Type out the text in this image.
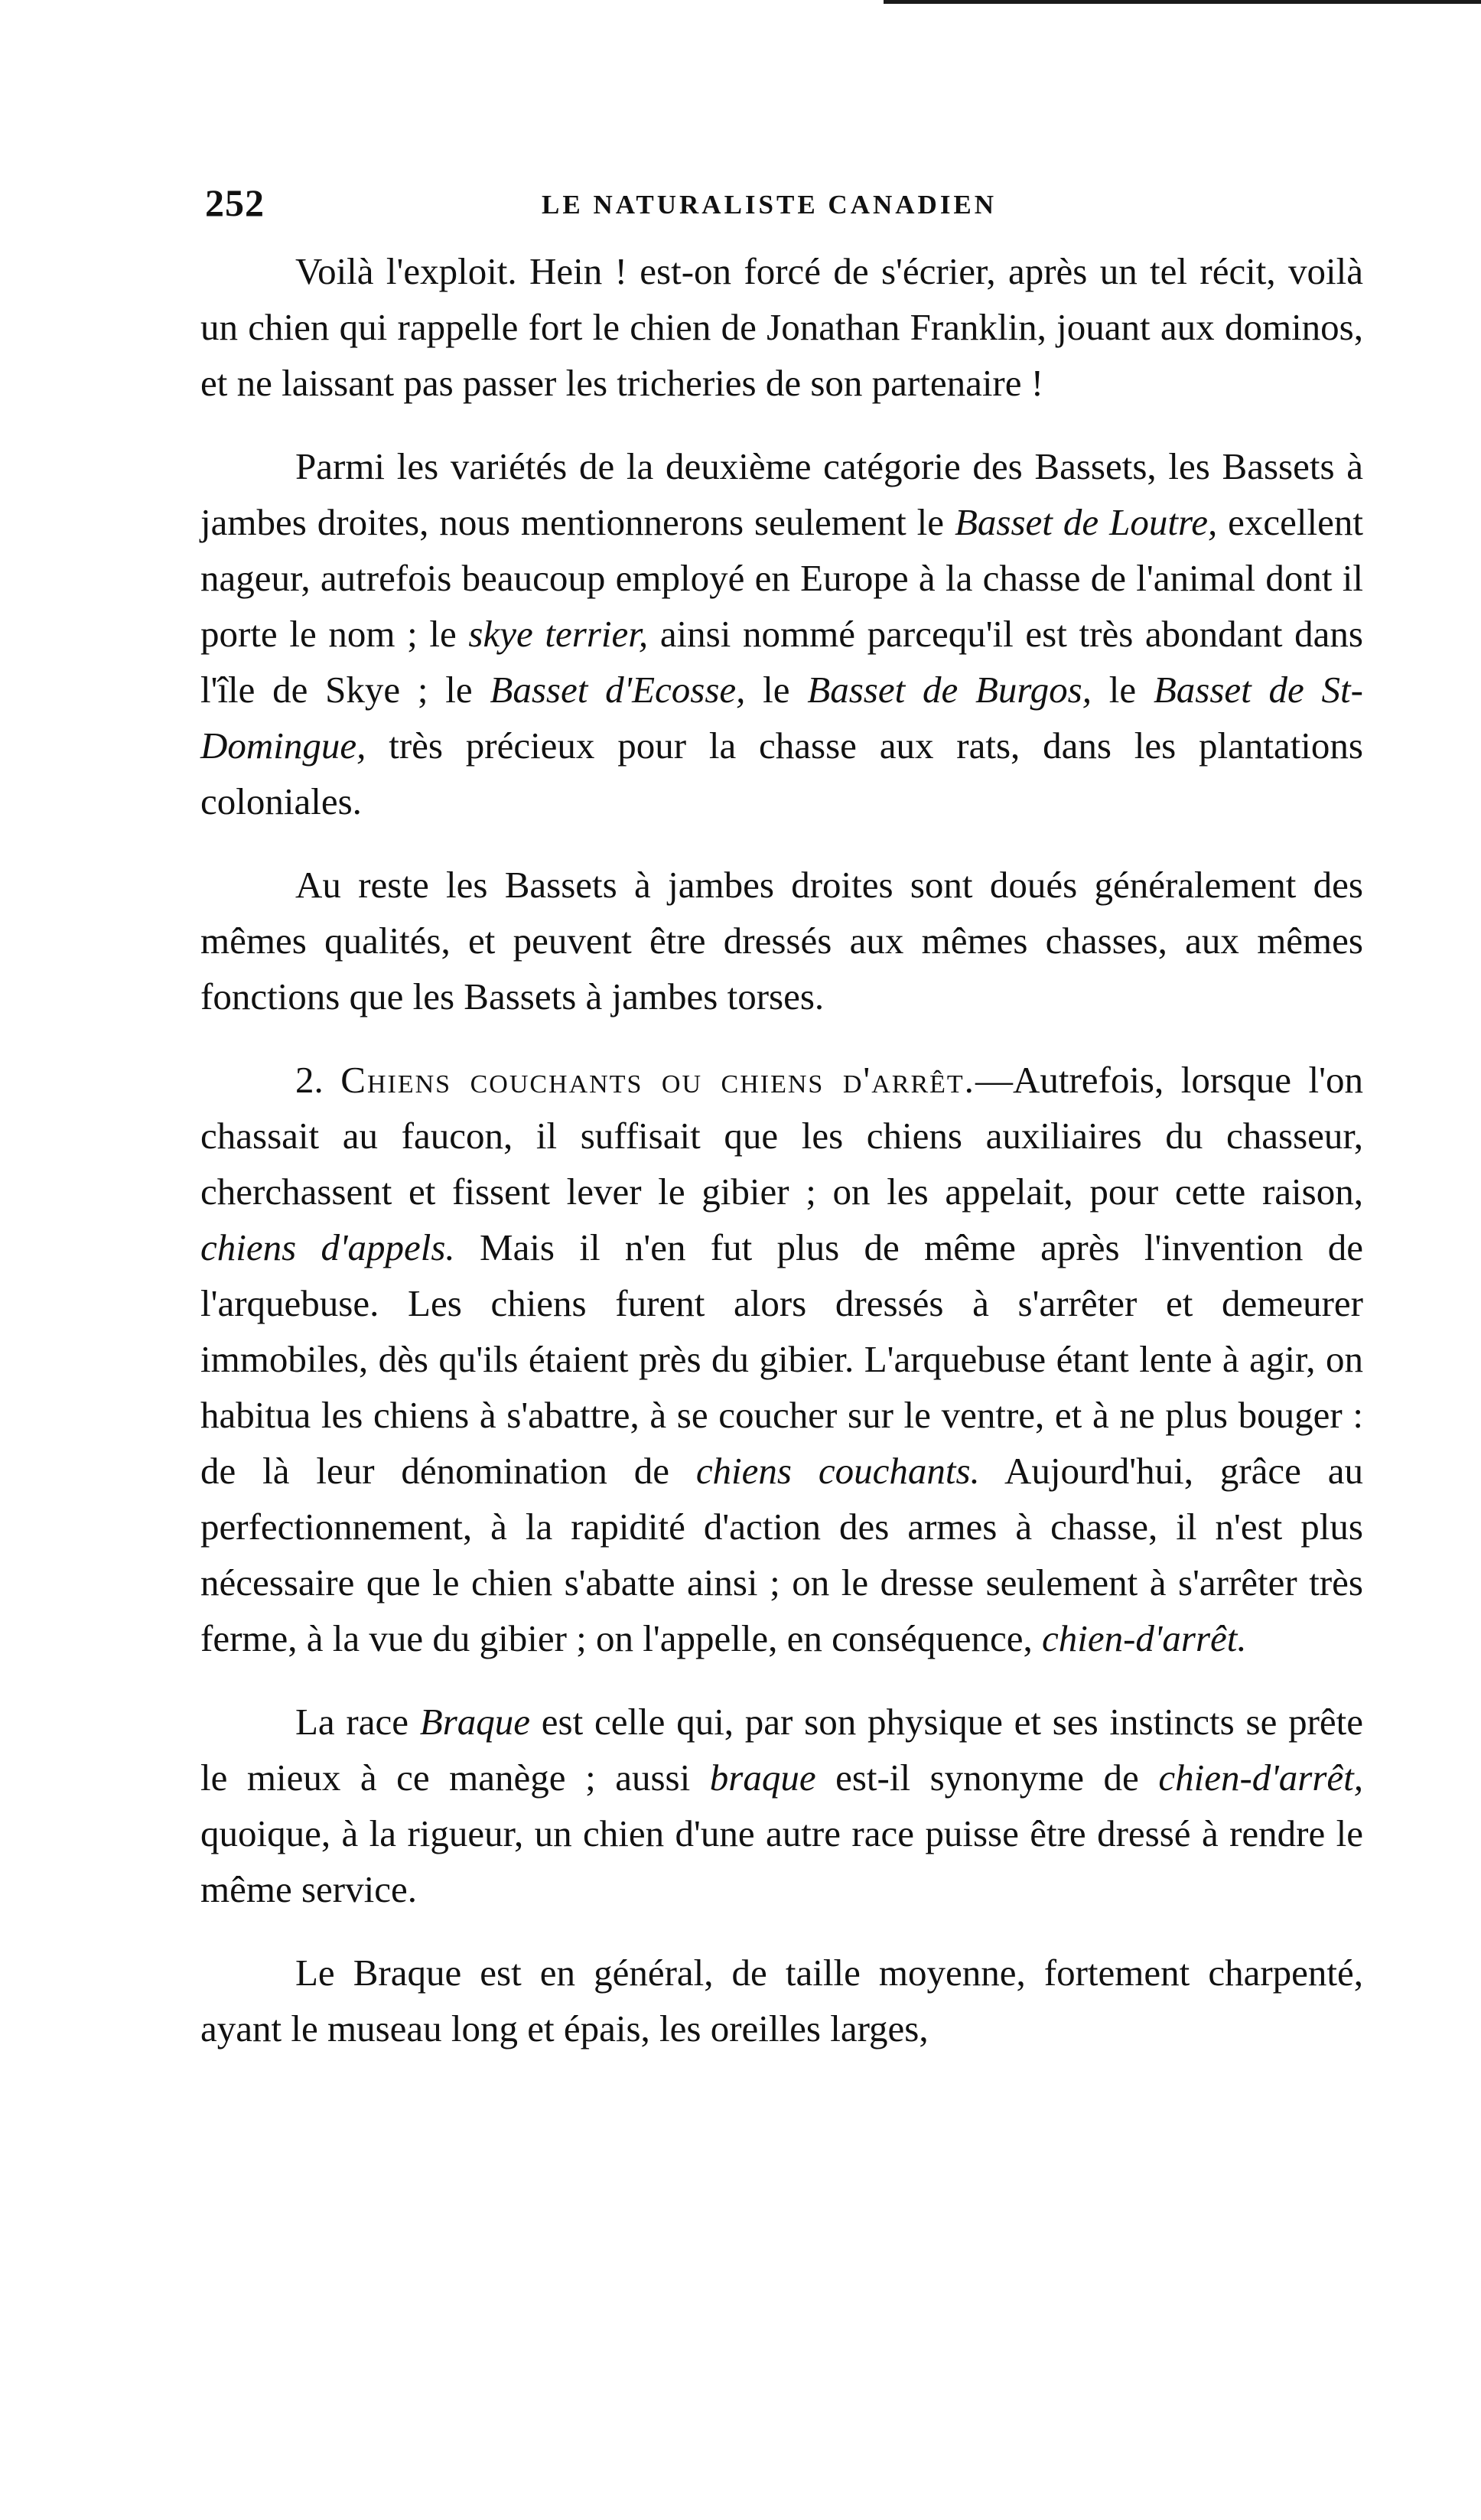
252	LE NATURALISTE CANADIEN

Voilà l'exploit. Hein ! est-on forcé de s'écrier, après un tel récit, voilà un chien qui rappelle fort le chien de Jonathan Franklin, jouant aux dominos, et ne laissant pas passer les tricheries de son partenaire !

Parmi les variétés de la deuxième catégorie des Bassets, les Bassets à jambes droites, nous mentionnerons seulement le Basset de Loutre, excellent nageur, autrefois beaucoup employé en Europe à la chasse de l'animal dont il porte le nom ; le skye terrier, ainsi nommé parcequ'il est très abondant dans l'île de Skye ; le Basset d'Ecosse, le Basset de Burgos, le Basset de St-Domingue, très précieux pour la chasse aux rats, dans les plantations coloniales.

Au reste les Bassets à jambes droites sont doués généralement des mêmes qualités, et peuvent être dressés aux mêmes chasses, aux mêmes fonctions que les Bassets à jambes torses.

2. Chiens couchants ou chiens d'arrêt.—Autrefois, lorsque l'on chassait au faucon, il suffisait que les chiens auxiliaires du chasseur, cherchassent et fissent lever le gibier ; on les appelait, pour cette raison, chiens d'appels. Mais il n'en fut plus de même après l'invention de l'arquebuse. Les chiens furent alors dressés à s'arrêter et demeurer immobiles, dès qu'ils étaient près du gibier. L'arquebuse étant lente à agir, on habitua les chiens à s'abattre, à se coucher sur le ventre, et à ne plus bouger : de là leur dénomination de chiens couchants. Aujourd'hui, grâce au perfectionnement, à la rapidité d'action des armes à chasse, il n'est plus nécessaire que le chien s'abatte ainsi ; on le dresse seulement à s'arrêter très ferme, à la vue du gibier ; on l'appelle, en conséquence, chien-d'arrêt.

La race Braque est celle qui, par son physique et ses instincts se prête le mieux à ce manège ; aussi braque est-il synonyme de chien-d'arrêt, quoique, à la rigueur, un chien d'une autre race puisse être dressé à rendre le même service.

Le Braque est en général, de taille moyenne, fortement charpenté, ayant le museau long et épais, les oreilles larges,
